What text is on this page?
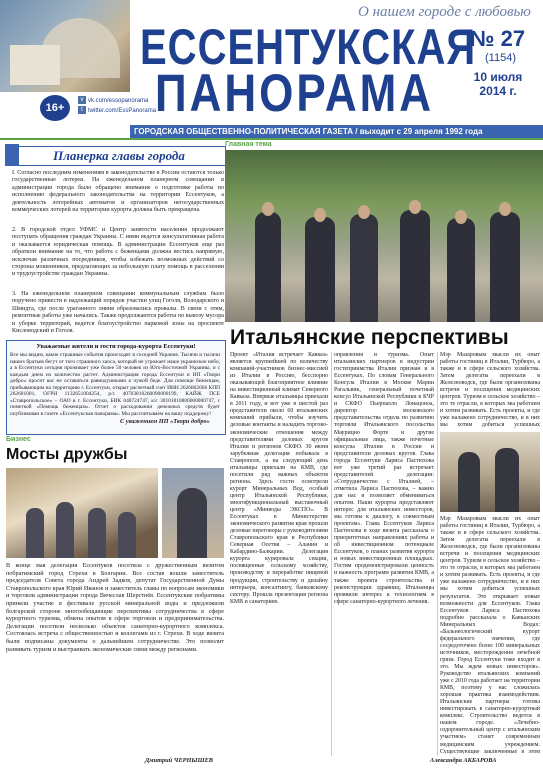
О нашем городе с любовью
ЕССЕНТУКСКАЯ
ПАНОРАМА
№ 27
(1154)
10 июля 2014 г.
16+
v vk.com/essopanorama
t twitter.com/EssPanorama
ГОРОДСКАЯ ОБЩЕСТВЕННО-ПОЛИТИЧЕСКАЯ ГАЗЕТА / выходит с 29 апреля 1992 года
Планерка главы города
I. Согласно последним изменениям в законодательстве в России остаются только государственные лотереи. На еженедельном планерном совещании в администрации города было обращено внимание о подготовке работы по исполнению федерального законодательства на территории Ессентуков, а деятельность лотерейных автоматов и организаторов негосударственных коммерческих лотерей на территории курорта должна быть прекращена.
2. В городской отдел УФМС и Центр занятости населения продолжают поступать обращения граждан Украины. С ними ведется консультативная работа и оказывается юридическая помощь. В администрации Ессентуков еще раз обратили внимание на то, что работа с беженцами должна вестись напрямую, исключая различных посредников, чтобы избежать возможных действий со стороны мошенников, предлагающих за небольшую плату помощь в расселении и трудоустройстве граждан Украины.
3. На еженедельном планерном совещании коммунальным службам было поручено привести в надлежащий порядок участки улиц Гоголя, Володарского и Шмидта, где после ураганного ливня образовались провалы. В связи с этим, ремонтные работы уже начались. Также продолжаются работы по вывозу мусора и уборке территорий, ведется благоустройство парковой зоны на проспекте Кисловодский и Гоголя.
Уважаемые жители и гости города-курорта Ессентуки!
Все мы видим, какие страшные события происходят в соседней Украине. Тысячи и тысячи наших братьев бегут от того страшного хаоса, который не угрожает наше украинское небо, а в Ессентуки сегодня проживает уже более 50 человек из Юго-Восточной Украины, и с каждым днем их количество растет. Администрация города Ессентуки и НП «Твори добро» просит вас не оставаться равнодушными к чужой беде. Для помощи беженцам, прибывающим на территорию г. Ессентуки, открыт расчетный счет ИНН 2626802666 КПП 262601001, ОГРН 1132651004254, р/с 40703810260090000199, КАЙЖ ПСЕ «Ставропольское» – ОАО в г. Ессентуки, БИК 040724747, к/с 30101810800000000747, с пометкой «Помощь беженцам». Отчет о расходовании денежных средств будет опубликован в газете «Ессентукская панорама». Мы рассчитываем на вашу поддержку!
С уважением НП «Твори добро»
Бизнес
Мосты дружбы
В конце мая делегация Ессентуков посетила с дружественным визитом побратимский город Стрехи в Болгарии. Все состав вошли заместитель председателя Совета города Андрей Задков, депутат Государственной Думы Ставропольского края Юрий Иванов и заместитель главы по вопросам экономики и торговли администрации города Вячеслав Шерстнёв. Ессентукские побратимы приняли участие в фестивале русской минеральной воды и предложили болгарской стороне многообещающие перспективы сотрудничества в сфере курортного туризма, обмена опытом в сфере торговли и предпринимательства. Делегации посетили несколько объектов санаторно-курортного комплекса. Состоялась встреча с общественностью и коллегами из г. Стрехи. В ходе визита были подписаны документы о дальнейшем сотрудничестве. Это позволит развивать туризм и выстраивать экономические связи между регионами.
Дмитрий ЧЕРНЫШЕВ
Главная тема
Итальянские перспективы
Проект «Италия встречает Кавказ» является крупнейшей по количеству компаний-участников бизнес-миссией из Италии в Россию, бесспорно оказывающей благоприятное влияние на инвестиционный климат Северного Кавказа. Впервые итальянцы приехали в 2011 году, и вот уже в шестой раз представители около 60 итальянских компаний прибыли, чтобы изучить деловые контакты и наладить торгово-экономические отношения между представителями деловых кругов Италии и регионов СКФО. 30 июня зарубежная делегация побывала в Ставрополе, а на следующий день итальянцы приехали на КМВ, где посетили ряд важных объектов региона. Здесь гости осмотрели курорт Минеральных Вод, особый центр Итальянской Республики, многофункциональный выставочный центр «Минводы ЭКСПО». В Ессентуках в Министерстве экономического развития края прошли деловые переговоры с руководителями Ставропольского края и Республики Северная Осетия – Алания и Кабардино-Балкарии. Делегация курорта курировала секции, посвященные сельскому хозяйству, производству и переработке пищевой продукции, строительству и дизайну интерьера, консалтингу, банковскому сектору. Прошла презентация региона КМВ и санаториев.
оправления и туризма. Опыт итальянских партнеров в индустрии гостеприимства Италии признан и в Ессентуках. По словам Генерального Консула Италии в Москве Марии Рагальвик, генеральный почетный консул Итальянской Республики в КЧР и СКФО Пьерпаоло Лоиацоноа, директор московского представительства отдела по развитию торговли Итальянского посольства Маурицио Форте и другие официальные лица, также почетные консулы Италии в России и представители деловых кругов. Глава города Ессентуки Лариса Пастюхова вот уже третий раз встречает представителей делегации: «Сотрудничество с Италией, – отметила Лариса Пастюхова, – важно для нас и позволяет обмениваться опытом. Наши курорты представляют интерес для итальянских инвесторов, мы готовы к диалогу, к совместным проектам». Глава Ессентуков Лариса Пастюхова в ходе визита рассказала о приоритетных направлениях работы и об инвестиционном потенциале Ессентуков, о планах развития курорта и новых инвестиционных площадках. Гостям продемонстрировали ценность и важность программ развития КМВ, а также проекта строительства и реконструкции здравниц. Итальянцы проявили интерес к технологиям в сфере санаторно-курортного лечения.
Мэр Мазаровым мысли их опыт работы гостиниц в Италии, Турбюро, а также и в сфере сельского хозяйства. Затем делегаты переехали в Железноводск, где были организованы встречи и посещения медицинских центров. Туризм в сельское хозяйство – это те отрасли, в которых мы работаем и хотим развивать. Есть проекты, и где уже налажено сотрудничество, и в них мы хотим добиться успешных
Мэр Мазаровым мысли их опыт работы гостиниц в Италии, Турбюро, а также и в сфере сельского хозяйства. Затем делегаты переехали в Железноводск, где были организованы встречи и посещения медицинских центров. Туризм в сельское хозяйство – это те отрасли, в которых мы работаем и хотим развивать. Есть проекты, и где уже налажено сотрудничество, и в них мы хотим добиться успешных результатов. Это открывает новые возможности для Ессентуков. Глава Ессентуков Лариса Пастюхова подробно рассказала о Кавказских Минеральных Водах: «Бальнеологический курорт федерального значения, где сосредоточено более 100 минеральных источников, месторождения лечебной грязи. Город Ессентуки тоже входит в это. Мы ждем новых инвесторов». Руководство итальянских компаний уже с 2010 года работает на территории КМВ, поэтому у нас сложилась хорошая практика взаимодействия. Итальянские партнеры готовы инвестировать в санаторно-курортный комплекс. Строительство ведется в нашем городе. «Лечебно-оздоровительный центр с итальянским участием» станет современным медицинским учреждением. Существующие заключенные в этом
Александра АКБАРОВА
